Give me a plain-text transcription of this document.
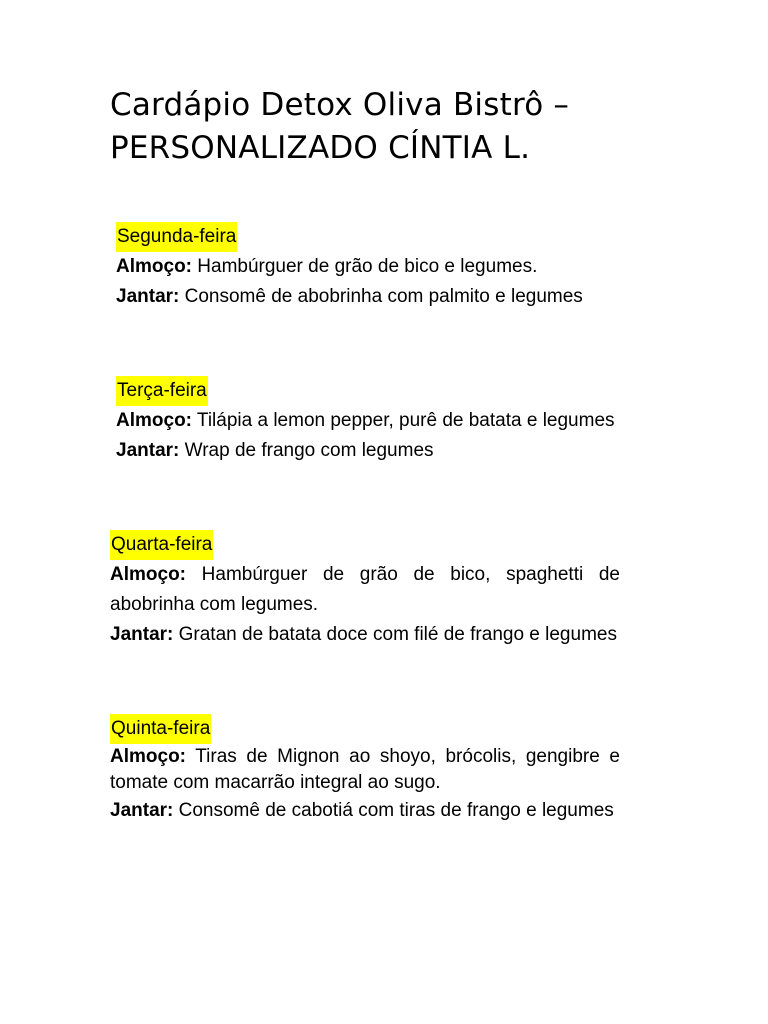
Cardápio Detox Oliva Bistrô –
PERSONALIZADO CÍNTIA L.
Segunda-feira
Almoço: Hambúrguer de grão de bico e legumes.
Jantar: Consomê de abobrinha com palmito e legumes
Terça-feira
Almoço: Tilápia a lemon pepper, purê de batata e legumes
Jantar: Wrap de frango com legumes
Quarta-feira
Almoço: Hambúrguer de grão de bico, spaghetti de abobrinha com legumes.
Jantar: Gratan de batata doce com filé de frango e legumes
Quinta-feira
Almoço: Tiras de Mignon ao shoyo, brócolis, gengibre e tomate com macarrão integral ao sugo.
Jantar: Consomê de cabotiá com tiras de frango e legumes
